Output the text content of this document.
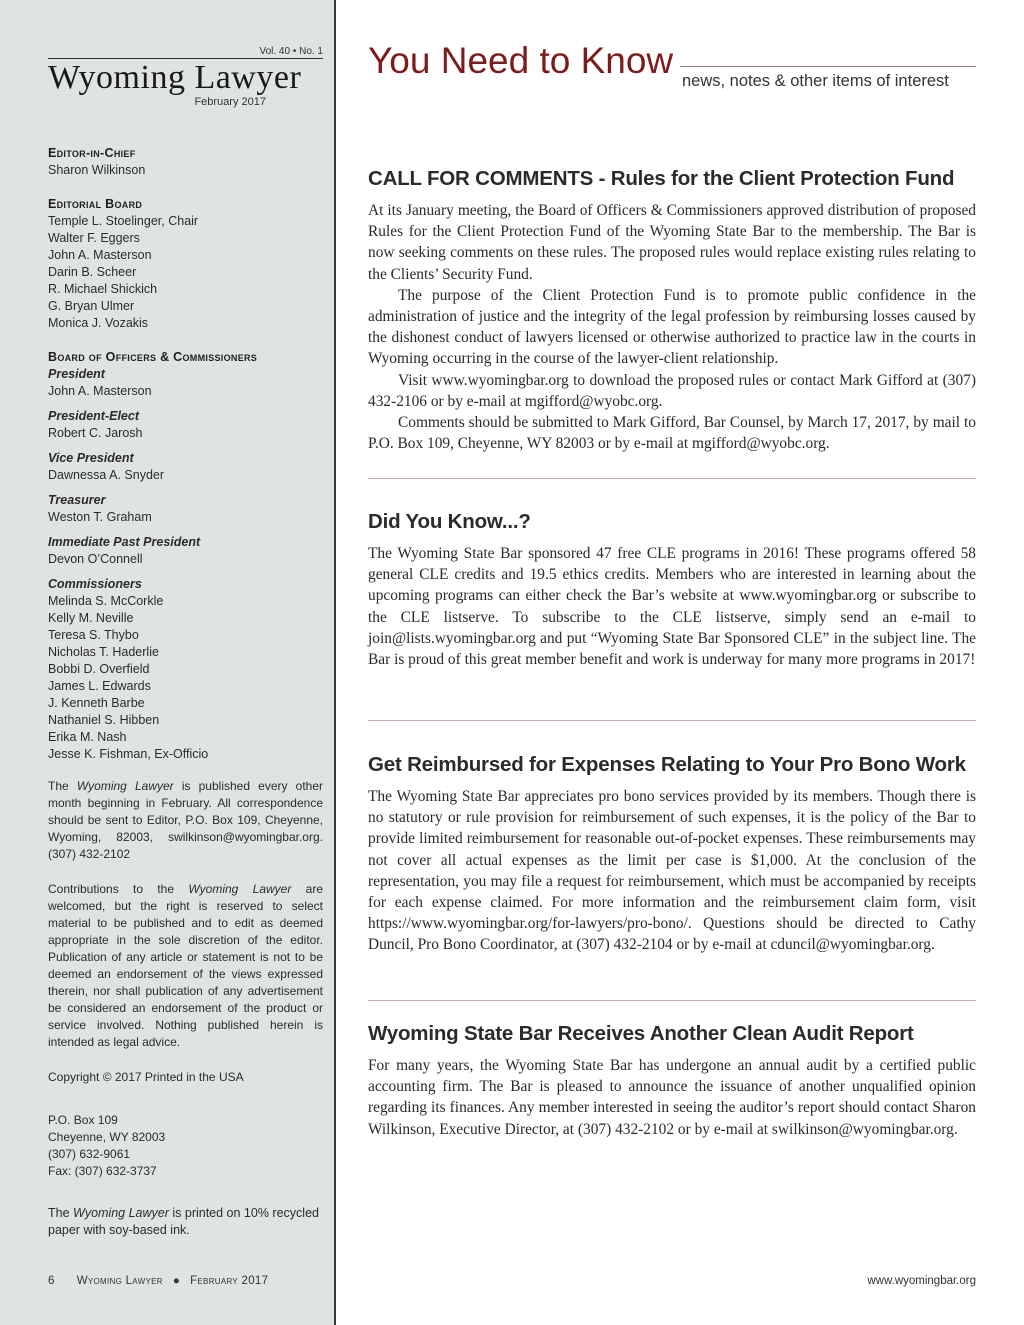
Vol. 40 • No. 1
Wyoming Lawyer
February 2017
Editor-in-Chief
Sharon Wilkinson
Editorial Board
Temple L. Stoelinger, Chair
Walter F. Eggers
John A. Masterson
Darin B. Scheer
R. Michael Shickich
G. Bryan Ulmer
Monica J. Vozakis
Board of Officers & Commissioners
President
John A. Masterson
President-Elect
Robert C. Jarosh
Vice President
Dawnessa A. Snyder
Treasurer
Weston T. Graham
Immediate Past President
Devon O’Connell
Commissioners
Melinda S. McCorkle
Kelly M. Neville
Teresa S. Thybo
Nicholas T. Haderlie
Bobbi D. Overfield
James L. Edwards
J. Kenneth Barbe
Nathaniel S. Hibben
Erika M. Nash
Jesse K. Fishman, Ex-Officio
The Wyoming Lawyer is published every other month beginning in February. All correspondence should be sent to Editor, P.O. Box 109, Cheyenne, Wyoming, 82003, swilkinson@wyomingbar.org. (307) 432-2102
Contributions to the Wyoming Lawyer are welcomed, but the right is reserved to select material to be published and to edit as deemed appropriate in the sole discretion of the editor. Publication of any article or statement is not to be deemed an endorsement of the views expressed therein, nor shall publication of any advertisement be considered an endorsement of the product or service involved. Nothing published herein is intended as legal advice.
Copyright © 2017 Printed in the USA
P.O. Box 109
Cheyenne, WY 82003
(307) 632-9061
Fax: (307) 632-3737
The Wyoming Lawyer is printed on 10% recycled paper with soy-based ink.
You Need to Know news, notes & other items of interest
CALL FOR COMMENTS - Rules for the Client Protection Fund

At its January meeting, the Board of Officers & Commissioners approved distribution of proposed Rules for the Client Protection Fund of the Wyoming State Bar to the membership. The Bar is now seeking comments on these rules. The proposed rules would replace existing rules relating to the Clients’ Security Fund.

The purpose of the Client Protection Fund is to promote public confidence in the administration of justice and the integrity of the legal profession by reimbursing losses caused by the dishonest conduct of lawyers licensed or otherwise authorized to practice law in the courts in Wyoming occurring in the course of the lawyer-client relationship.

Visit www.wyomingbar.org to download the proposed rules or contact Mark Gifford at (307) 432-2106 or by e-mail at mgifford@wyobc.org.

Comments should be submitted to Mark Gifford, Bar Counsel, by March 17, 2017, by mail to P.O. Box 109, Cheyenne, WY 82003 or by e-mail at mgifford@wyobc.org.

Did You Know...?

The Wyoming State Bar sponsored 47 free CLE programs in 2016! These programs offered 58 general CLE credits and 19.5 ethics credits. Members who are interested in learning about the upcoming programs can either check the Bar’s website at www.wyomingbar.org or subscribe to the CLE listserve. To subscribe to the CLE listserve, simply send an e-mail to join@lists.wyomingbar.org and put “Wyoming State Bar Sponsored CLE” in the subject line. The Bar is proud of this great member benefit and work is underway for many more programs in 2017!

Get Reimbursed for Expenses Relating to Your Pro Bono Work

The Wyoming State Bar appreciates pro bono services provided by its members. Though there is no statutory or rule provision for reimbursement of such expenses, it is the policy of the Bar to provide limited reimbursement for reasonable out-of-pocket expenses. These reimbursements may not cover all actual expenses as the limit per case is $1,000. At the conclusion of the representation, you may file a request for reimbursement, which must be accompanied by receipts for each expense claimed. For more information and the reimbursement claim form, visit https://www.wyomingbar.org/for-lawyers/pro-bono/. Questions should be directed to Cathy Duncil, Pro Bono Coordinator, at (307) 432-2104 or by e-mail at cduncil@wyomingbar.org.

Wyoming State Bar Receives Another Clean Audit Report

For many years, the Wyoming State Bar has undergone an annual audit by a certified public accounting firm. The Bar is pleased to announce the issuance of another unqualified opinion regarding its finances. Any member interested in seeing the auditor’s report should contact Sharon Wilkinson, Executive Director, at (307) 432-2102 or by e-mail at swilkinson@wyomingbar.org.

6 Wyoming Lawyer ● February 2017	www.wyomingbar.org
